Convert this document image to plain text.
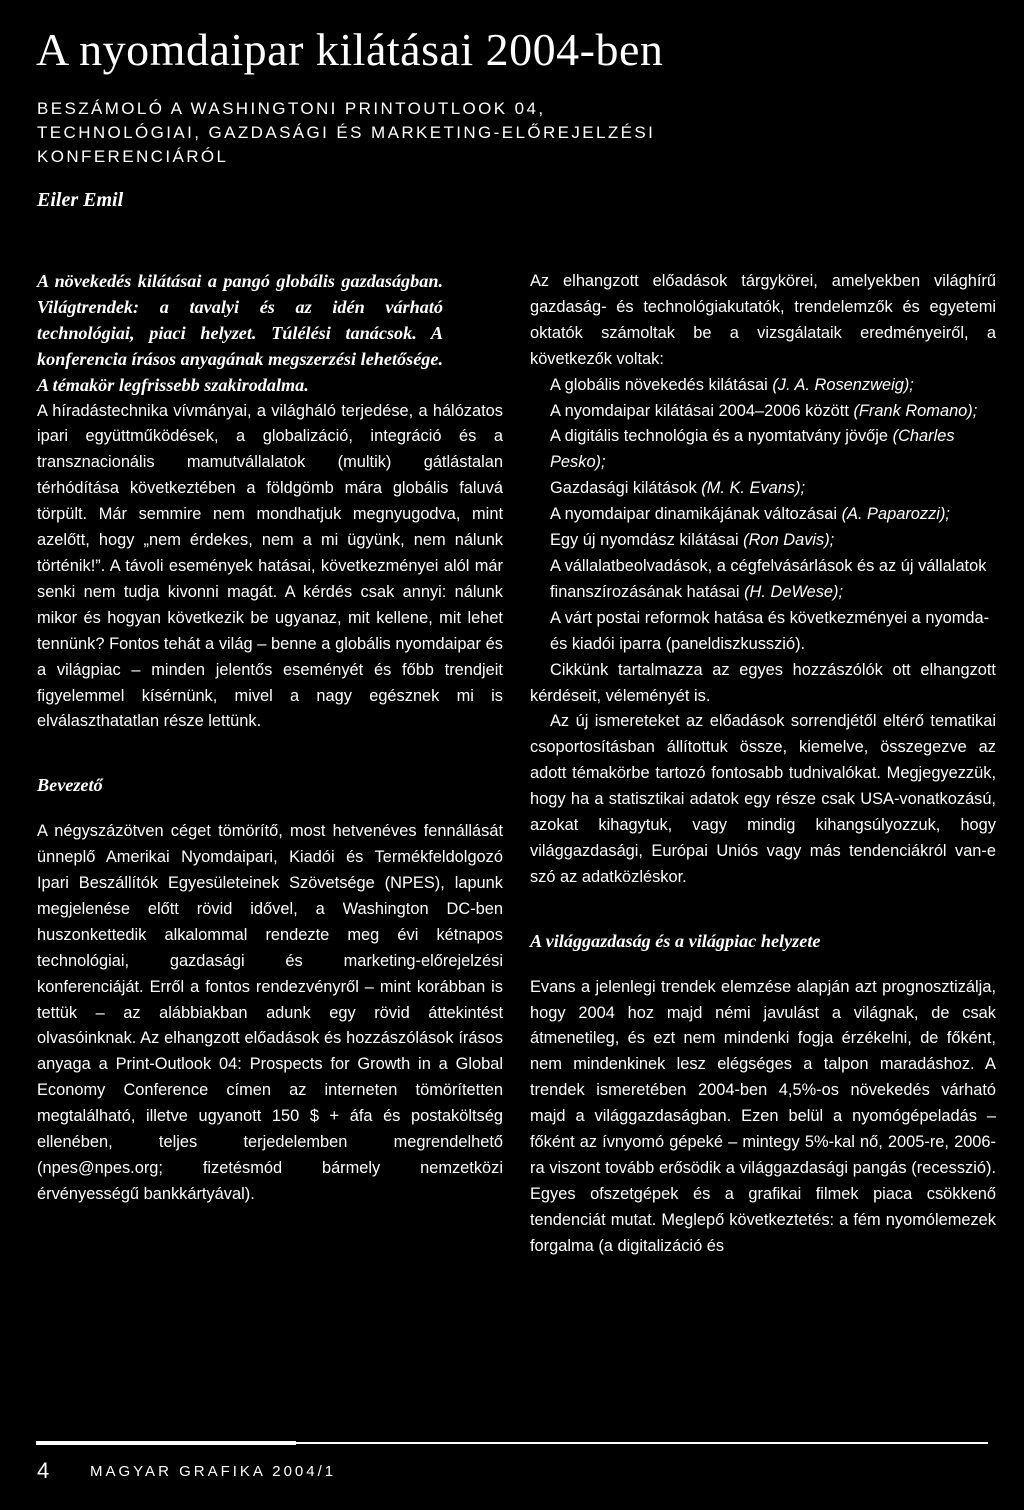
A nyomdaipar kilátásai 2004-ben
BESZÁMOLÓ A WASHINGTONI PRINTOUTLOOK 04,
TECHNOLÓGIAI, GAZDASÁGI ÉS MARKETING-ELŐREJELZÉSI
KONFERENCIÁRÓL
Eiler Emil

A növekedés kilátásai a pangó globális gazdaságban. Világtrendek: a tavalyi és az idén várható technológiai, piaci helyzet. Túlélési tanácsok. A konferencia írásos anyagának megszerzési lehetősége. A témakör legfrissebb szakirodalma.

A híradástechnika vívmányai, a világháló terjedése, a hálózatos ipari együttműködések, a globalizáció, integráció és a transznacionális mamutvállalatok (multik) gátlástalan térhódítása következtében a földgömb mára globális faluvá törpült. Már semmire nem mondhatjuk megnyugodva, mint azelőtt, hogy „nem érdekes, nem a mi ügyünk, nem nálunk történik!”. A távoli események hatásai, következményei alól már senki nem tudja kivonni magát. A kérdés csak annyi: nálunk mikor és hogyan következik be ugyanaz, mit kellene, mit lehet tennünk? Fontos tehát a világ – benne a globális nyomdaipar és a világpiac – minden jelentős eseményét és főbb trendjeit figyelemmel kísérnünk, mivel a nagy egésznek mi is elválaszthatatlan része lettünk.

Bevezető

A négyszázötven céget tömörítő, most hetvenéves fennállását ünneplő Amerikai Nyomdaipari, Kiadói és Termékfeldolgozó Ipari Beszállítók Egyesületeinek Szövetsége (NPES), lapunk megjelenése előtt rövid idővel, a Washington DC-ben huszonkettedik alkalommal rendezte meg évi kétnapos technológiai, gazdasági és marketing-előrejelzési konferenciáját. Erről a fontos rendezvényről – mint korábban is tettük – az alábbiakban adunk egy rövid áttekintést olvasóinknak. Az elhangzott előadások és hozzászólások írásos anyaga a Print-Outlook 04: Prospects for Growth in a Global Economy Conference címen az interneten tömörítetten megtalálható, illetve ugyanott 150 $ + áfa és postaköltség ellenében, teljes terjedelemben megrendelhető (npes@npes.org; fizetésmód bármely nemzetközi érvényességű bankkártyával).

Az elhangzott előadások tárgykörei, amelyekben világhírű gazdaság- és technológiakutatók, trendelemzők és egyetemi oktatók számoltak be a vizsgálataik eredményeiről, a következők voltak:

A globális növekedés kilátásai (J. A. Rosenzweig);
A nyomdaipar kilátásai 2004–2006 között (Frank Romano);
A digitális technológia és a nyomtatvány jövője (Charles Pesko);
Gazdasági kilátások (M. K. Evans);
A nyomdaipar dinamikájának változásai (A. Paparozzi);
Egy új nyomdász kilátásai (Ron Davis);
A vállalatbeolvadások, a cégfelvásárlások és az új vállalatok finanszírozásának hatásai (H. DeWese);
A várt postai reformok hatása és következményei a nyomda- és kiadói iparra (paneldiszkusszió).

Cikkünk tartalmazza az egyes hozzászólók ott elhangzott kérdéseit, véleményét is.

Az új ismereteket az előadások sorrendjétől eltérő tematikai csoportosításban állítottuk össze, kiemelve, összegezve az adott témakörbe tartozó fontosabb tudnivalókat. Megjegyezzük, hogy ha a statisztikai adatok egy része csak USA-vonatkozású, azokat kihagytuk, vagy mindig kihangsúlyozzuk, hogy világgazdasági, Európai Uniós vagy más tendenciákról van-e szó az adatközléskor.

A világgazdaság és a világpiac helyzete

Evans a jelenlegi trendek elemzése alapján azt prognosztizálja, hogy 2004 hoz majd némi javulást a világnak, de csak átmenetileg, és ezt nem mindenki fogja érzékelni, de főként, nem mindenkinek lesz elégséges a talpon maradáshoz. A trendek ismeretében 2004-ben 4,5%-os növekedés várható majd a világgazdaságban. Ezen belül a nyomógépeladás – főként az ívnyomó gépeké – mintegy 5%-kal nő, 2005-re, 2006-ra viszont tovább erősödik a világgazdasági pangás (recesszió). Egyes ofszetgépek és a grafikai filmek piaca csökkenő tendenciát mutat. Meglepő következtetés: a fém nyomólemezek forgalma (a digitalizáció és

4	MAGYAR GRAFIKA 2004/1
